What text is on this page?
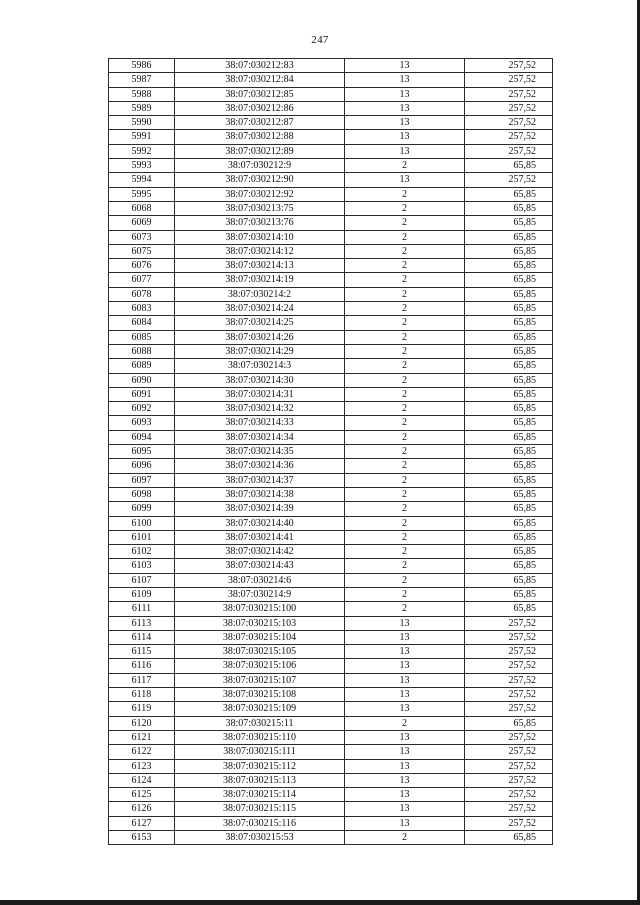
247
5986	38:07:030212:83	13	257,52
5987	38:07:030212:84	13	257,52
5988	38:07:030212:85	13	257,52
5989	38:07:030212:86	13	257,52
5990	38:07:030212:87	13	257,52
5991	38:07:030212:88	13	257,52
5992	38:07:030212:89	13	257,52
5993	38:07:030212:9	2	65,85
5994	38:07:030212:90	13	257,52
5995	38:07:030212:92	2	65,85
6068	38:07:030213:75	2	65,85
6069	38:07:030213:76	2	65,85
6073	38:07:030214:10	2	65,85
6075	38:07:030214:12	2	65,85
6076	38:07:030214:13	2	65,85
6077	38:07:030214:19	2	65,85
6078	38:07:030214:2	2	65,85
6083	38:07:030214:24	2	65,85
6084	38:07:030214:25	2	65,85
6085	38:07:030214:26	2	65,85
6088	38:07:030214:29	2	65,85
6089	38:07:030214:3	2	65,85
6090	38:07:030214:30	2	65,85
6091	38:07:030214:31	2	65,85
6092	38:07:030214:32	2	65,85
6093	38:07:030214:33	2	65,85
6094	38:07:030214:34	2	65,85
6095	38:07:030214:35	2	65,85
6096	38:07:030214:36	2	65,85
6097	38:07:030214:37	2	65,85
6098	38:07:030214:38	2	65,85
6099	38:07:030214:39	2	65,85
6100	38:07:030214:40	2	65,85
6101	38:07:030214:41	2	65,85
6102	38:07:030214:42	2	65,85
6103	38:07:030214:43	2	65,85
6107	38:07:030214:6	2	65,85
6109	38:07:030214:9	2	65,85
6111	38:07:030215:100	2	65,85
6113	38:07:030215:103	13	257,52
6114	38:07:030215:104	13	257,52
6115	38:07:030215:105	13	257,52
6116	38:07:030215:106	13	257,52
6117	38:07:030215:107	13	257,52
6118	38:07:030215:108	13	257,52
6119	38:07:030215:109	13	257,52
6120	38:07:030215:11	2	65,85
6121	38:07:030215:110	13	257,52
6122	38:07:030215:111	13	257,52
6123	38:07:030215:112	13	257,52
6124	38:07:030215:113	13	257,52
6125	38:07:030215:114	13	257,52
6126	38:07:030215:115	13	257,52
6127	38:07:030215:116	13	257,52
6153	38:07:030215:53	2	65,85
